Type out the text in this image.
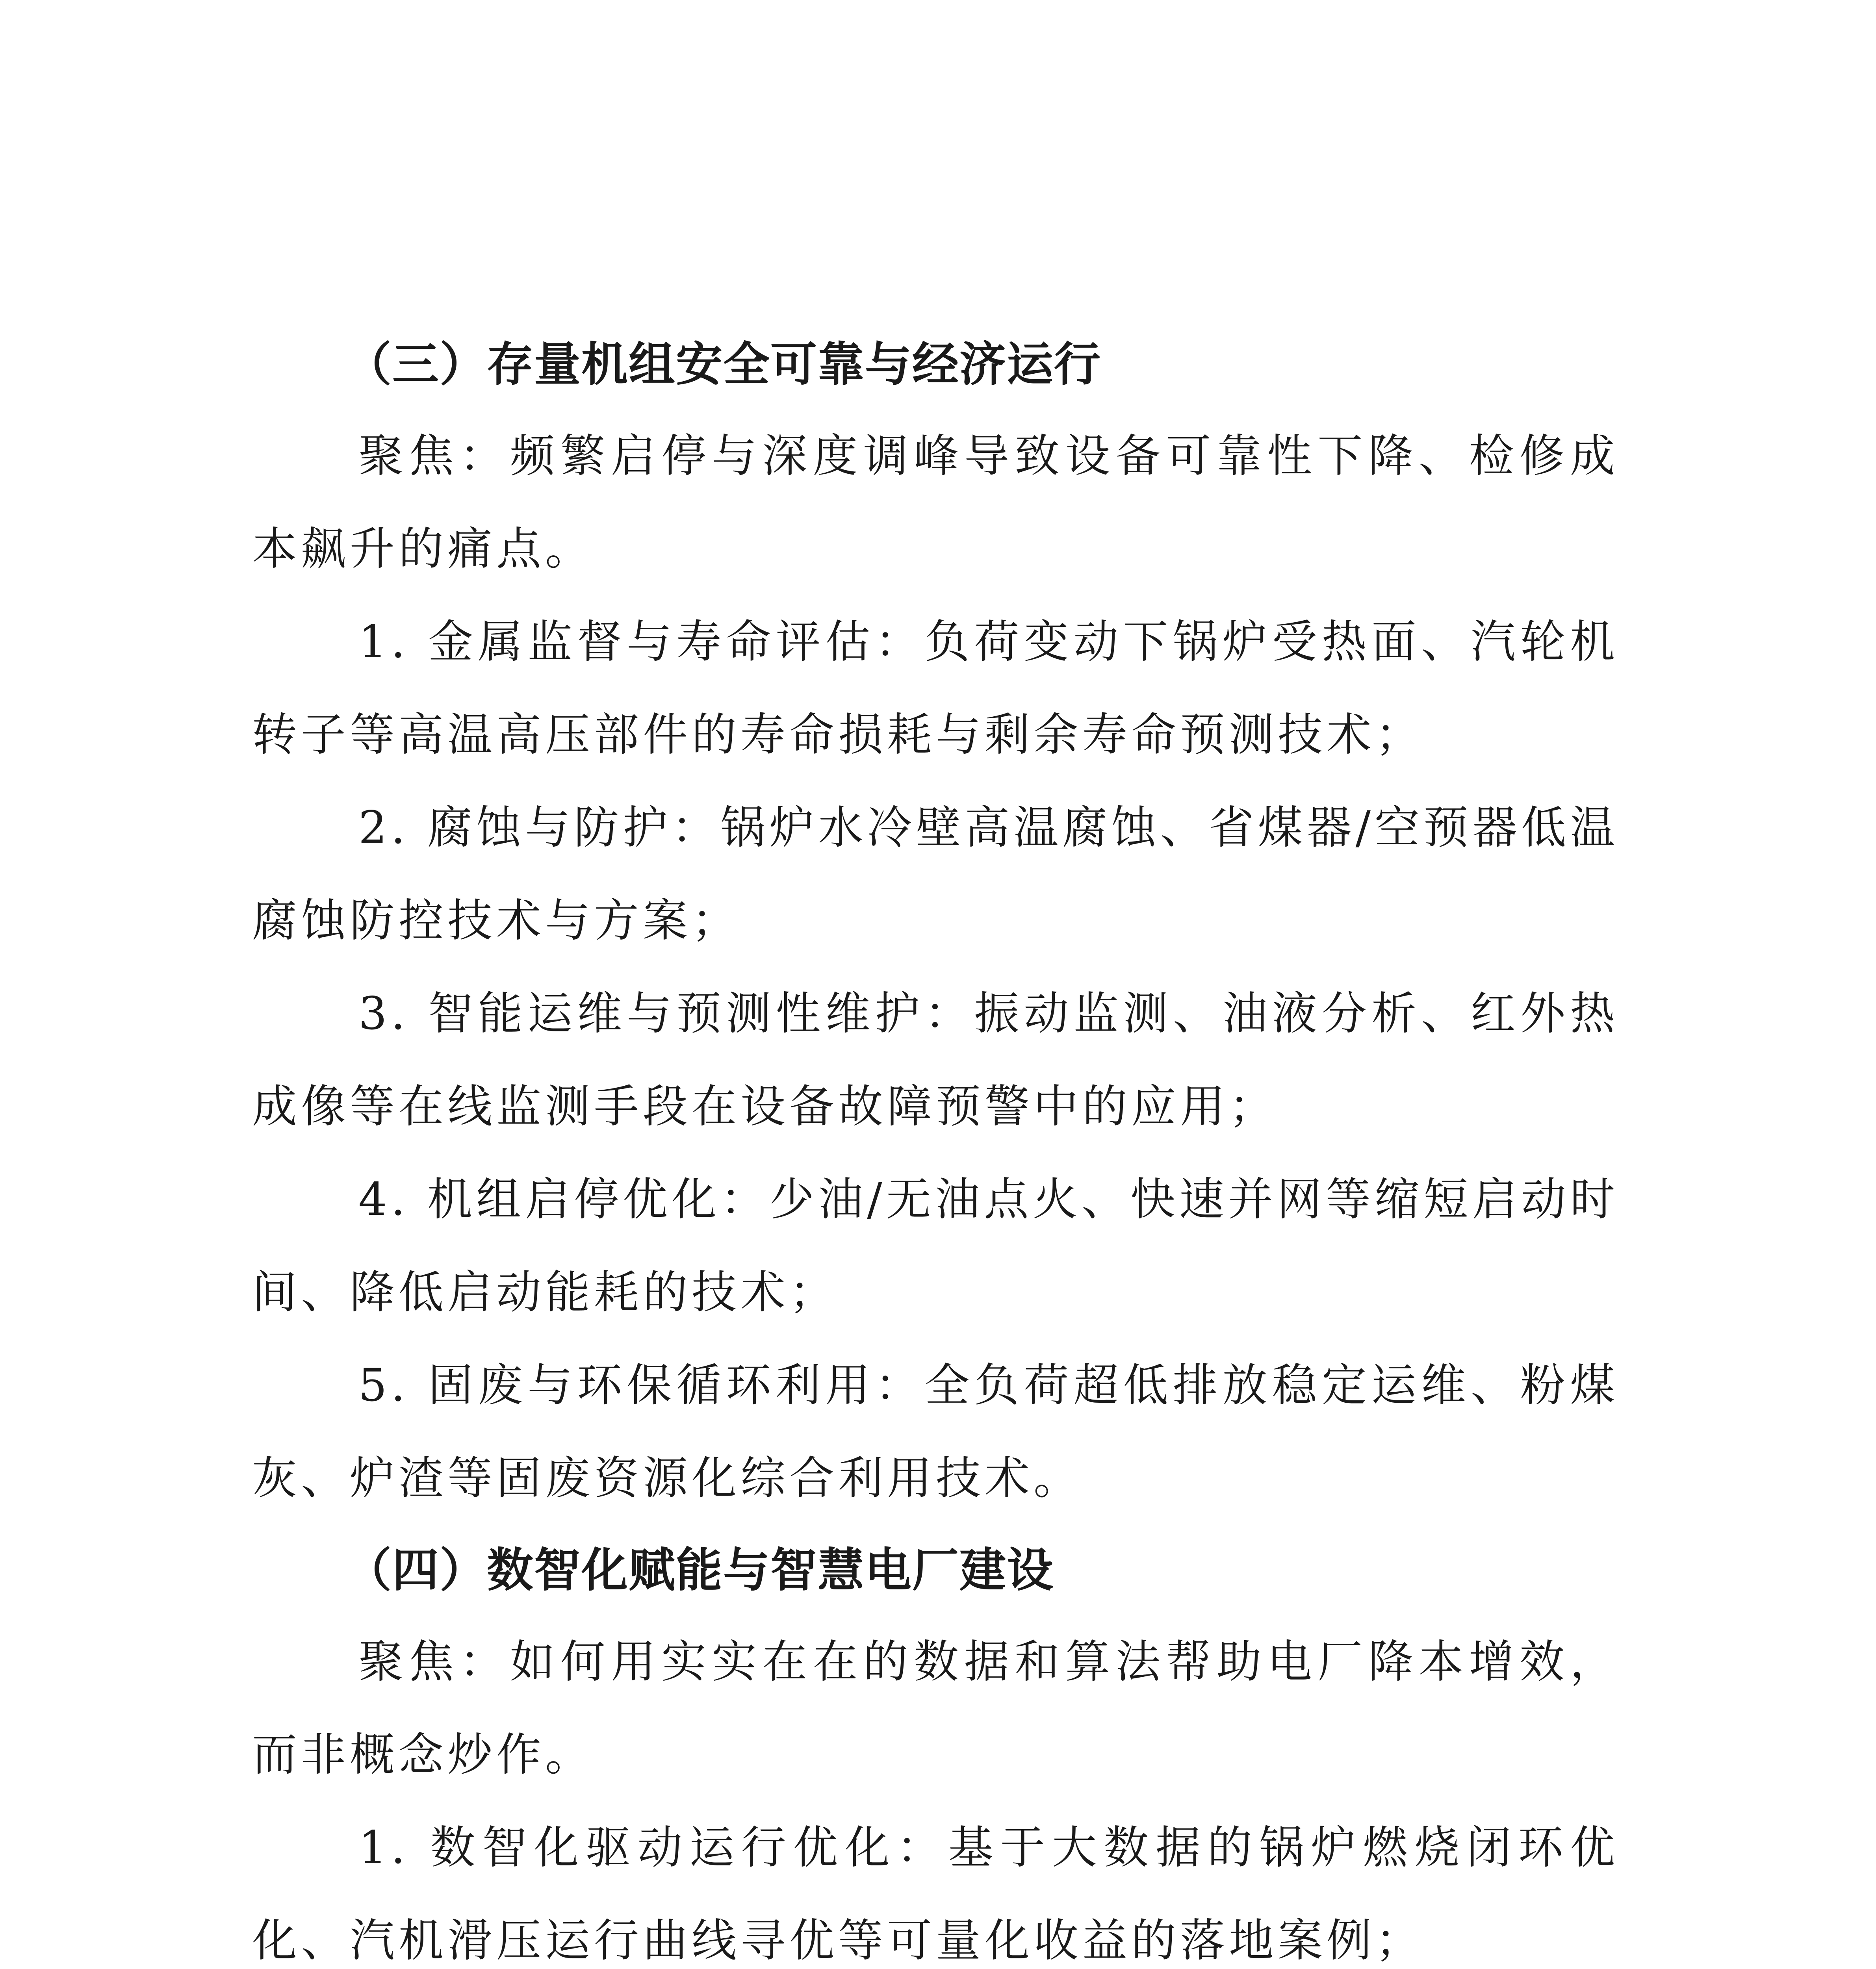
（三）存量机组安全可靠与经济运行

聚焦：频繁启停与深度调峰导致设备可靠性下降、检修成本飙升的痛点。

1. 金属监督与寿命评估：负荷变动下锅炉受热面、汽轮机转子等高温高压部件的寿命损耗与剩余寿命预测技术；

2. 腐蚀与防护：锅炉水冷壁高温腐蚀、省煤器/空预器低温腐蚀防控技术与方案；

3. 智能运维与预测性维护：振动监测、油液分析、红外热成像等在线监测手段在设备故障预警中的应用；

4. 机组启停优化：少油/无油点火、快速并网等缩短启动时间、降低启动能耗的技术；

5. 固废与环保循环利用：全负荷超低排放稳定运维、粉煤灰、炉渣等固废资源化综合利用技术。

（四）数智化赋能与智慧电厂建设

聚焦：如何用实实在在的数据和算法帮助电厂降本增效，而非概念炒作。

1. 数智化驱动运行优化：基于大数据的锅炉燃烧闭环优化、汽机滑压运行曲线寻优等可量化收益的落地案例；
